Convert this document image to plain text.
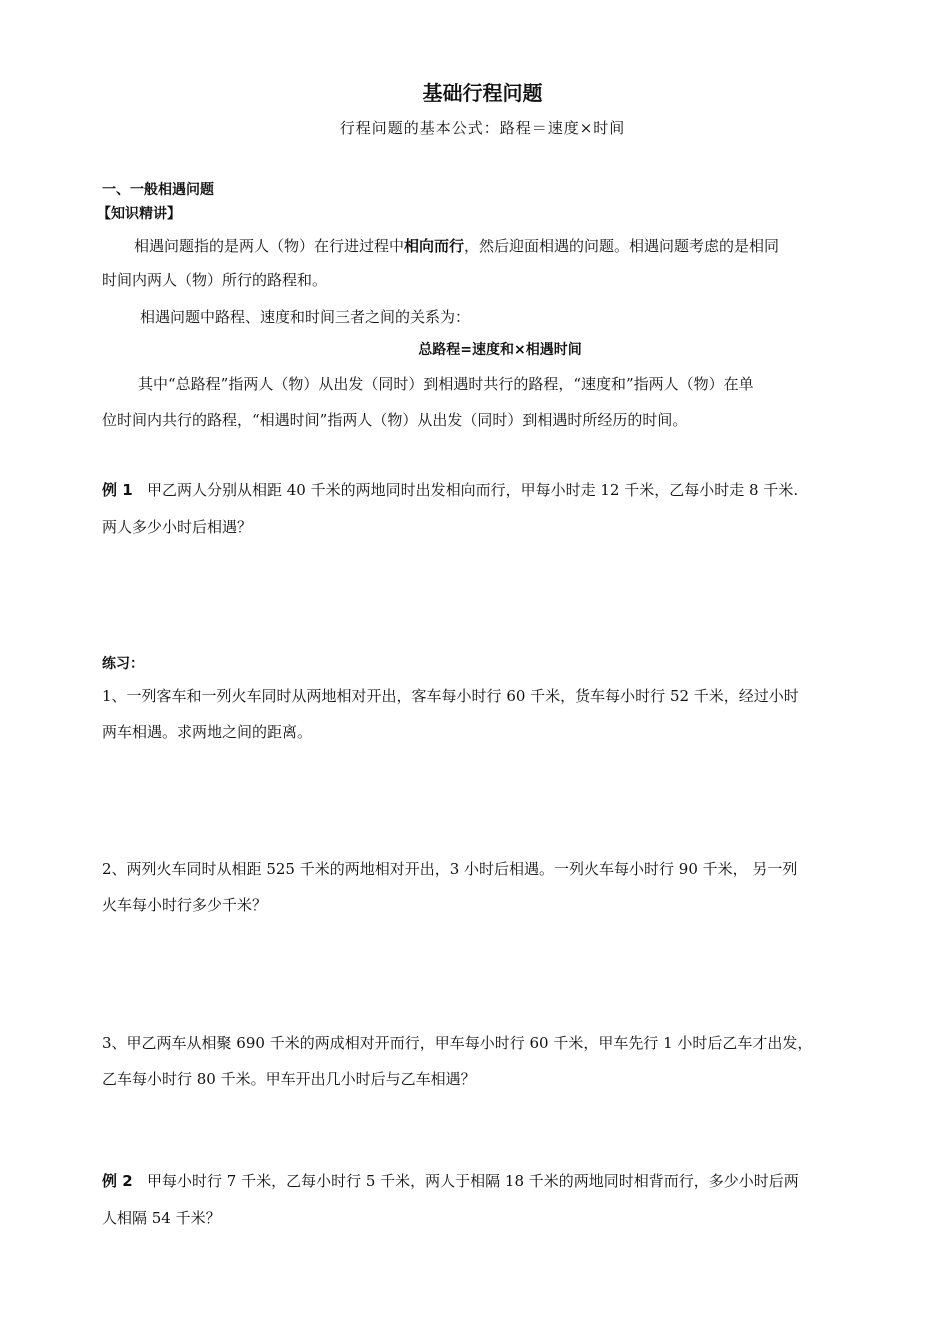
基础行程问题
行程问题的基本公式：路程＝速度×时间
一、一般相遇问题
【知识精讲】
相遇问题指的是两人（物）在行进过程中相向而行，然后迎面相遇的问题。相遇问题考虑的是相同
时间内两人（物）所行的路程和。
相遇问题中路程、速度和时间三者之间的关系为：
总路程=速度和×相遇时间
其中“总路程”指两人（物）从出发（同时）到相遇时共行的路程，“速度和”指两人（物）在单
位时间内共行的路程，“相遇时间”指两人（物）从出发（同时）到相遇时所经历的时间。
例 1 甲乙两人分别从相距 40 千米的两地同时出发相向而行，甲每小时走 12 千米，乙每小时走 8 千米.
两人多少小时后相遇？
练习：
1、一列客车和一列火车同时从两地相对开出，客车每小时行 60 千米，货车每小时行 52 千米，经过小时
两车相遇。求两地之间的距离。
2、两列火车同时从相距 525 千米的两地相对开出，3 小时后相遇。一列火车每小时行 90 千米， 另一列
火车每小时行多少千米？
3、甲乙两车从相聚 690 千米的两成相对开而行，甲车每小时行 60 千米，甲车先行 1 小时后乙车才出发，
乙车每小时行 80 千米。甲车开出几小时后与乙车相遇？
例 2 甲每小时行 7 千米，乙每小时行 5 千米，两人于相隔 18 千米的两地同时相背而行，多少小时后两
人相隔 54 千米？
